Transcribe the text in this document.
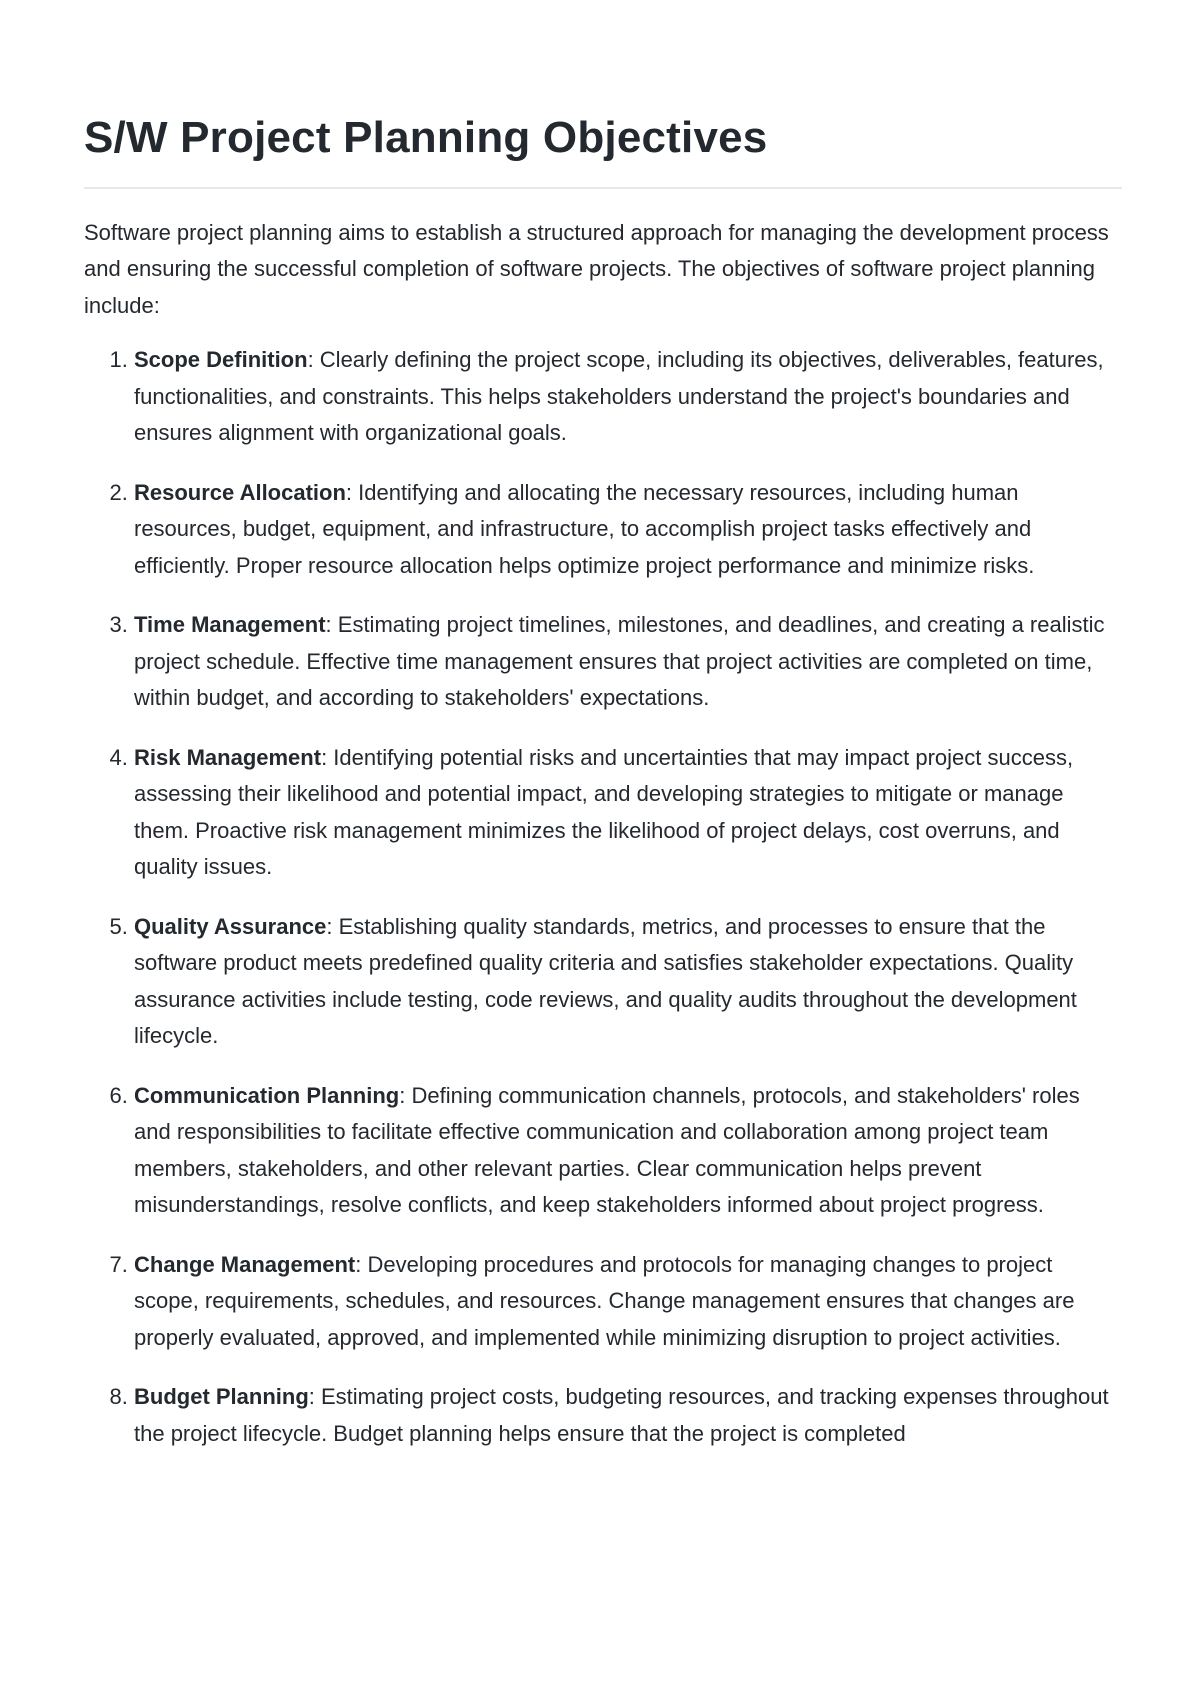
S/W Project Planning Objectives

Software project planning aims to establish a structured approach for managing the development process and ensuring the successful completion of software projects. The objectives of software project planning include:

1. Scope Definition: Clearly defining the project scope, including its objectives, deliverables, features, functionalities, and constraints. This helps stakeholders understand the project's boundaries and ensures alignment with organizational goals.
2. Resource Allocation: Identifying and allocating the necessary resources, including human resources, budget, equipment, and infrastructure, to accomplish project tasks effectively and efficiently. Proper resource allocation helps optimize project performance and minimize risks.
3. Time Management: Estimating project timelines, milestones, and deadlines, and creating a realistic project schedule. Effective time management ensures that project activities are completed on time, within budget, and according to stakeholders' expectations.
4. Risk Management: Identifying potential risks and uncertainties that may impact project success, assessing their likelihood and potential impact, and developing strategies to mitigate or manage them. Proactive risk management minimizes the likelihood of project delays, cost overruns, and quality issues.
5. Quality Assurance: Establishing quality standards, metrics, and processes to ensure that the software product meets predefined quality criteria and satisfies stakeholder expectations. Quality assurance activities include testing, code reviews, and quality audits throughout the development lifecycle.
6. Communication Planning: Defining communication channels, protocols, and stakeholders' roles and responsibilities to facilitate effective communication and collaboration among project team members, stakeholders, and other relevant parties. Clear communication helps prevent misunderstandings, resolve conflicts, and keep stakeholders informed about project progress.
7. Change Management: Developing procedures and protocols for managing changes to project scope, requirements, schedules, and resources. Change management ensures that changes are properly evaluated, approved, and implemented while minimizing disruption to project activities.
8. Budget Planning: Estimating project costs, budgeting resources, and tracking expenses throughout the project lifecycle. Budget planning helps ensure that the project is completed
